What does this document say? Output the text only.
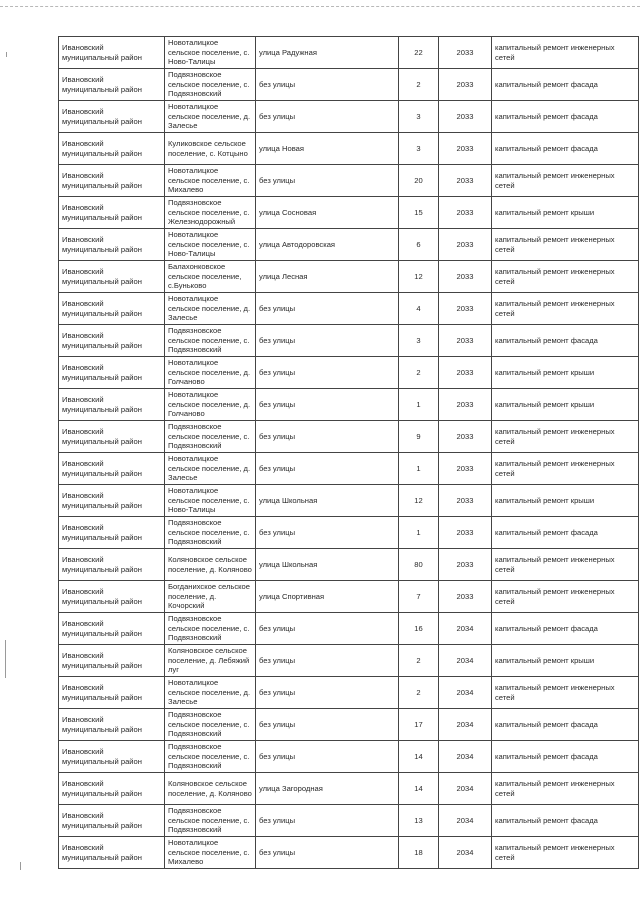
Ивановский муниципальный район	Новоталицкое сельское поселение, с. Ново-Талицы	улица Радужная	22	2033	капитальный ремонт инженерных сетей
Ивановский муниципальный район	Подвязновское сельское поселение, с. Подвязновский	без улицы	2	2033	капитальный ремонт фасада
Ивановский муниципальный район	Новоталицкое сельское поселение, д. Залесье	без улицы	3	2033	капитальный ремонт фасада
Ивановский муниципальный район	Куликовское сельское поселение, с. Котцыно	улица Новая	3	2033	капитальный ремонт фасада
Ивановский муниципальный район	Новоталицкое сельское поселение, с. Михалево	без улицы	20	2033	капитальный ремонт инженерных сетей
Ивановский муниципальный район	Подвязновское сельское поселение, с. Железнодорожный	улица Сосновая	15	2033	капитальный ремонт крыши
Ивановский муниципальный район	Новоталицкое сельское поселение, с. Ново-Талицы	улица Автодоровская	6	2033	капитальный ремонт инженерных сетей
Ивановский муниципальный район	Балахонковское сельское поселение, с.Буньково	улица Лесная	12	2033	капитальный ремонт инженерных сетей
Ивановский муниципальный район	Новоталицкое сельское поселение, д. Залесье	без улицы	4	2033	капитальный ремонт инженерных сетей
Ивановский муниципальный район	Подвязновское сельское поселение, с. Подвязновский	без улицы	3	2033	капитальный ремонт фасада
Ивановский муниципальный район	Новоталицкое сельское поселение, д. Голчаново	без улицы	2	2033	капитальный ремонт крыши
Ивановский муниципальный район	Новоталицкое сельское поселение, д. Голчаново	без улицы	1	2033	капитальный ремонт крыши
Ивановский муниципальный район	Подвязновское сельское поселение, с. Подвязновский	без улицы	9	2033	капитальный ремонт инженерных сетей
Ивановский муниципальный район	Новоталицкое сельское поселение, д. Залесье	без улицы	1	2033	капитальный ремонт инженерных сетей
Ивановский муниципальный район	Новоталицкое сельское поселение, с. Ново-Талицы	улица Школьная	12	2033	капитальный ремонт крыши
Ивановский муниципальный район	Подвязновское сельское поселение, с. Подвязновский	без улицы	1	2033	капитальный ремонт фасада
Ивановский муниципальный район	Коляновское сельское поселение, д. Коляново	улица Школьная	80	2033	капитальный ремонт инженерных сетей
Ивановский муниципальный район	Богданихское сельское поселение, д. Кочорский	улица Спортивная	7	2033	капитальный ремонт инженерных сетей
Ивановский муниципальный район	Подвязновское сельское поселение, с. Подвязновский	без улицы	16	2034	капитальный ремонт фасада
Ивановский муниципальный район	Коляновское сельское поселение, д. Лебяжий луг	без улицы	2	2034	капитальный ремонт крыши
Ивановский муниципальный район	Новоталицкое сельское поселение, д. Залесье	без улицы	2	2034	капитальный ремонт инженерных сетей
Ивановский муниципальный район	Подвязновское сельское поселение, с. Подвязновский	без улицы	17	2034	капитальный ремонт фасада
Ивановский муниципальный район	Подвязновское сельское поселение, с. Подвязновский	без улицы	14	2034	капитальный ремонт фасада
Ивановский муниципальный район	Коляновское сельское поселение, д. Коляново	улица Загородная	14	2034	капитальный ремонт инженерных сетей
Ивановский муниципальный район	Подвязновское сельское поселение, с. Подвязновский	без улицы	13	2034	капитальный ремонт фасада
Ивановский муниципальный район	Новоталицкое сельское поселение, с. Михалево	без улицы	18	2034	капитальный ремонт инженерных сетей
